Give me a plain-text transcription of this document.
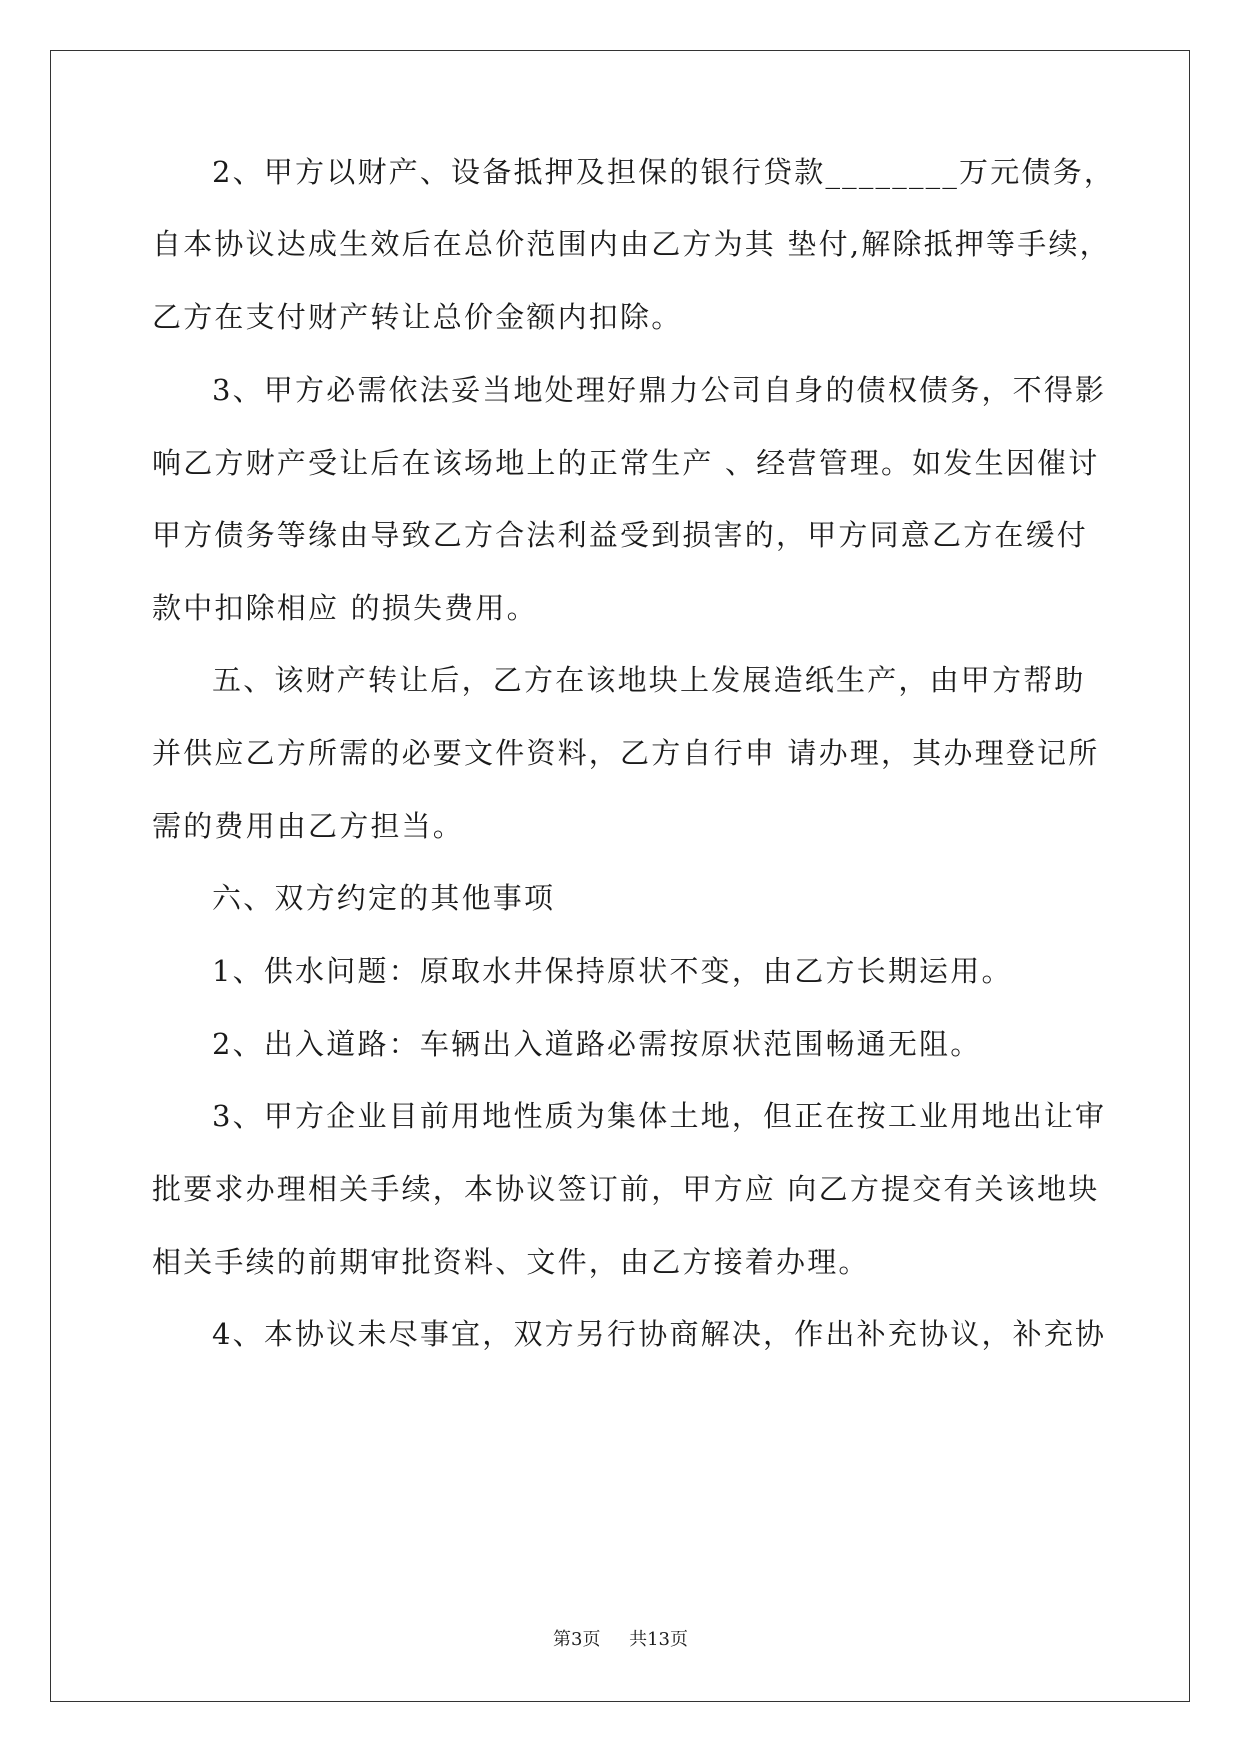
2、甲方以财产、设备抵押及担保的银行贷款________万元债务，
自本协议达成生效后在总价范围内由乙方为其 垫付,解除抵押等手续，
乙方在支付财产转让总价金额内扣除。
3、甲方必需依法妥当地处理好鼎力公司自身的债权债务，不得影
响乙方财产受让后在该场地上的正常生产 、经营管理。如发生因催讨
甲方债务等缘由导致乙方合法利益受到损害的，甲方同意乙方在缓付
款中扣除相应 的损失费用。
五、该财产转让后，乙方在该地块上发展造纸生产，由甲方帮助
并供应乙方所需的必要文件资料，乙方自行申 请办理，其办理登记所
需的费用由乙方担当。
六、双方约定的其他事项
1、供水问题：原取水井保持原状不变，由乙方长期运用。
2、出入道路：车辆出入道路必需按原状范围畅通无阻。
3、甲方企业目前用地性质为集体土地，但正在按工业用地出让审
批要求办理相关手续，本协议签订前，甲方应 向乙方提交有关该地块
相关手续的前期审批资料、文件，由乙方接着办理。
4、本协议未尽事宜，双方另行协商解决，作出补充协议，补充协
第3页 共13页
